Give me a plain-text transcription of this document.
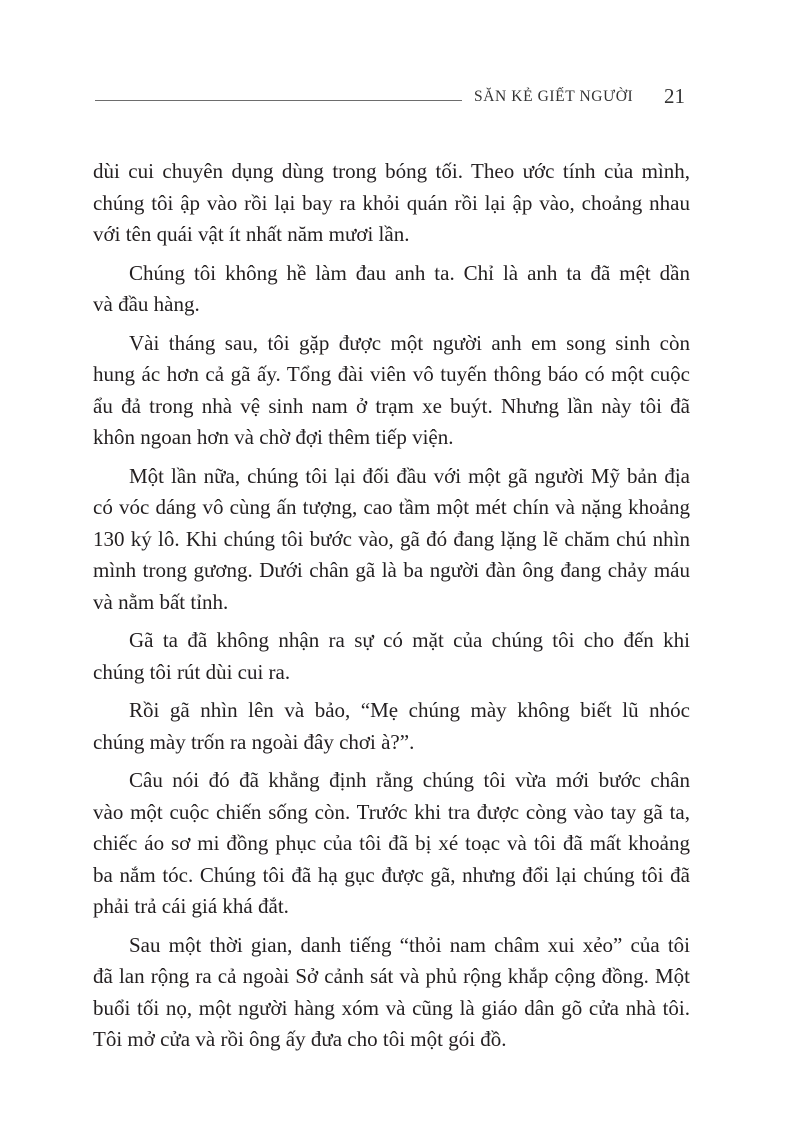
SĂN KẺ GIẾT NGƯỜI 21
dùi cui chuyên dụng dùng trong bóng tối. Theo ước tính của mình,
chúng tôi ập vào rồi lại bay ra khỏi quán rồi lại ập vào, choảng nhau
với tên quái vật ít nhất năm mươi lần.
Chúng tôi không hề làm đau anh ta. Chỉ là anh ta đã mệt dần
và đầu hàng.
Vài tháng sau, tôi gặp được một người anh em song sinh còn
hung ác hơn cả gã ấy. Tổng đài viên vô tuyến thông báo có một cuộc
ẩu đả trong nhà vệ sinh nam ở trạm xe buýt. Nhưng lần này tôi đã
khôn ngoan hơn và chờ đợi thêm tiếp viện.
Một lần nữa, chúng tôi lại đối đầu với một gã người Mỹ bản địa
có vóc dáng vô cùng ấn tượng, cao tầm một mét chín và nặng khoảng
130 ký lô. Khi chúng tôi bước vào, gã đó đang lặng lẽ chăm chú nhìn
mình trong gương. Dưới chân gã là ba người đàn ông đang chảy máu
và nằm bất tỉnh.
Gã ta đã không nhận ra sự có mặt của chúng tôi cho đến khi
chúng tôi rút dùi cui ra.
Rồi gã nhìn lên và bảo, “Mẹ chúng mày không biết lũ nhóc
chúng mày trốn ra ngoài đây chơi à?”.
Câu nói đó đã khẳng định rằng chúng tôi vừa mới bước chân
vào một cuộc chiến sống còn. Trước khi tra được còng vào tay gã ta,
chiếc áo sơ mi đồng phục của tôi đã bị xé toạc và tôi đã mất khoảng
ba nắm tóc. Chúng tôi đã hạ gục được gã, nhưng đổi lại chúng tôi đã
phải trả cái giá khá đắt.
Sau một thời gian, danh tiếng “thỏi nam châm xui xẻo” của tôi
đã lan rộng ra cả ngoài Sở cảnh sát và phủ rộng khắp cộng đồng. Một
buổi tối nọ, một người hàng xóm và cũng là giáo dân gõ cửa nhà tôi.
Tôi mở cửa và rồi ông ấy đưa cho tôi một gói đồ.
